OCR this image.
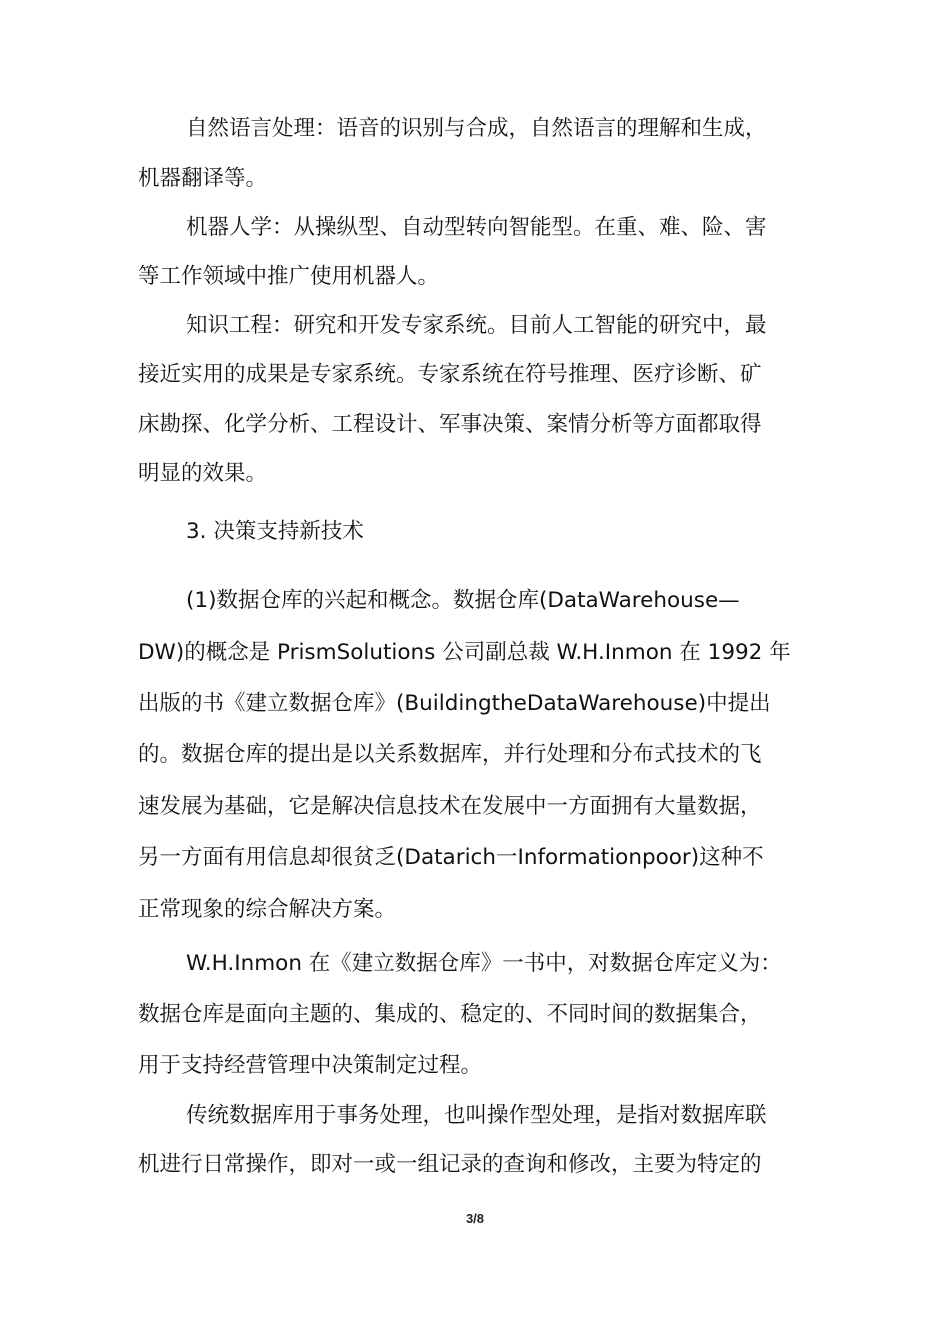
自然语言处理：语音的识别与合成，自然语言的理解和生成，
机器翻译等。
机器人学：从操纵型、自动型转向智能型。在重、难、险、害
等工作领域中推广使用机器人。
知识工程：研究和开发专家系统。目前人工智能的研究中，最
接近实用的成果是专家系统。专家系统在符号推理、医疗诊断、矿
床勘探、化学分析、工程设计、军事决策、案情分析等方面都取得
明显的效果。
3. 决策支持新技术
(1)数据仓库的兴起和概念。数据仓库(DataWarehouse—
DW)的概念是 PrismSolutions 公司副总裁 W.H.Inmon 在 1992 年
出版的书《建立数据仓库》(BuildingtheDataWarehouse)中提出
的。数据仓库的提出是以关系数据库，并行处理和分布式技术的飞
速发展为基础，它是解决信息技术在发展中一方面拥有大量数据，
另一方面有用信息却很贫乏(Datarich一Informationpoor)这种不
正常现象的综合解决方案。
W.H.Inmon 在《建立数据仓库》一书中，对数据仓库定义为：
数据仓库是面向主题的、集成的、稳定的、不同时间的数据集合，
用于支持经营管理中决策制定过程。
传统数据库用于事务处理，也叫操作型处理，是指对数据库联
机进行日常操作，即对一或一组记录的查询和修改，主要为特定的
3/8
